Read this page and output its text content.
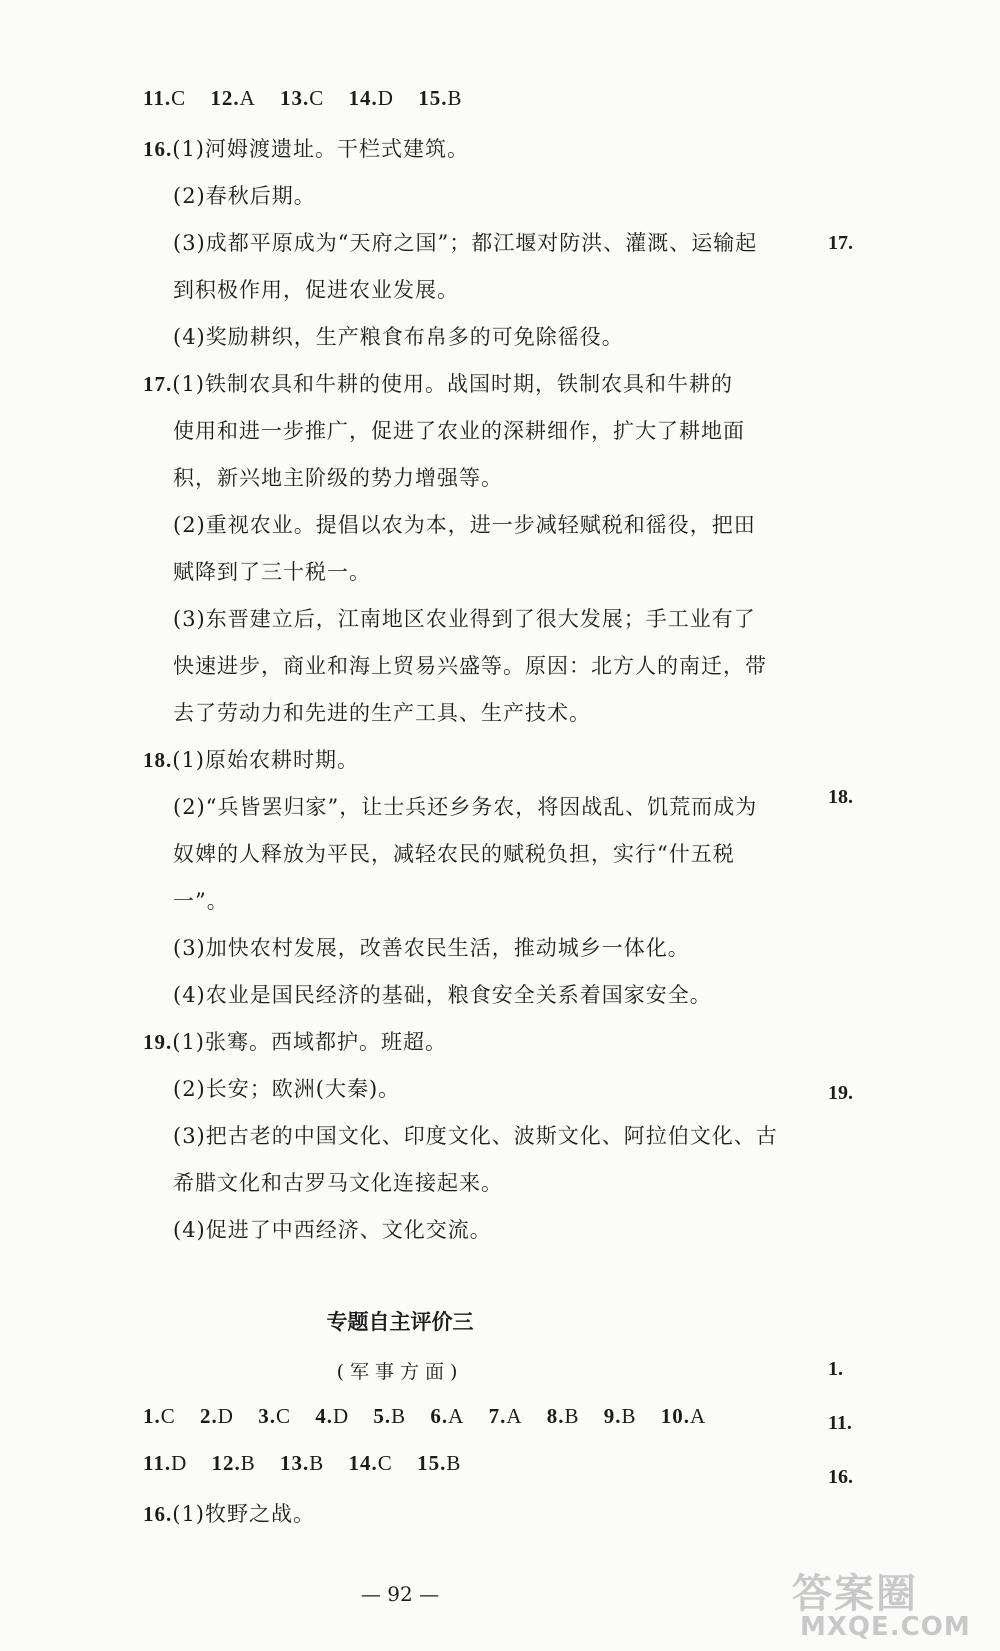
11.C 12.A 13.C 14.D 15.B
16.(1)河姆渡遗址。干栏式建筑。
(2)春秋后期。
(3)成都平原成为“天府之国”；都江堰对防洪、灌溉、运输起
到积极作用，促进农业发展。
(4)奖励耕织，生产粮食布帛多的可免除徭役。
17.(1)铁制农具和牛耕的使用。战国时期，铁制农具和牛耕的
使用和进一步推广，促进了农业的深耕细作，扩大了耕地面
积，新兴地主阶级的势力增强等。
(2)重视农业。提倡以农为本，进一步减轻赋税和徭役，把田
赋降到了三十税一。
(3)东晋建立后，江南地区农业得到了很大发展；手工业有了
快速进步，商业和海上贸易兴盛等。原因：北方人的南迁，带
去了劳动力和先进的生产工具、生产技术。
18.(1)原始农耕时期。
(2)“兵皆罢归家”，让士兵还乡务农，将因战乱、饥荒而成为
奴婢的人释放为平民，减轻农民的赋税负担，实行“什五税
一”。
(3)加快农村发展，改善农民生活，推动城乡一体化。
(4)农业是国民经济的基础，粮食安全关系着国家安全。
19.(1)张骞。西域都护。班超。
(2)长安；欧洲(大秦)。
(3)把古老的中国文化、印度文化、波斯文化、阿拉伯文化、古
希腊文化和古罗马文化连接起来。
(4)促进了中西经济、文化交流。
专题自主评价三
(军事方面)
1.C 2.D 3.C 4.D 5.B 6.A 7.A 8.B 9.B 10.A
11.D 12.B 13.B 14.C 15.B
16.(1)牧野之战。
— 92 —
17.
18.
19.
1.
11.
16.
答案圈
MXQE.COM
